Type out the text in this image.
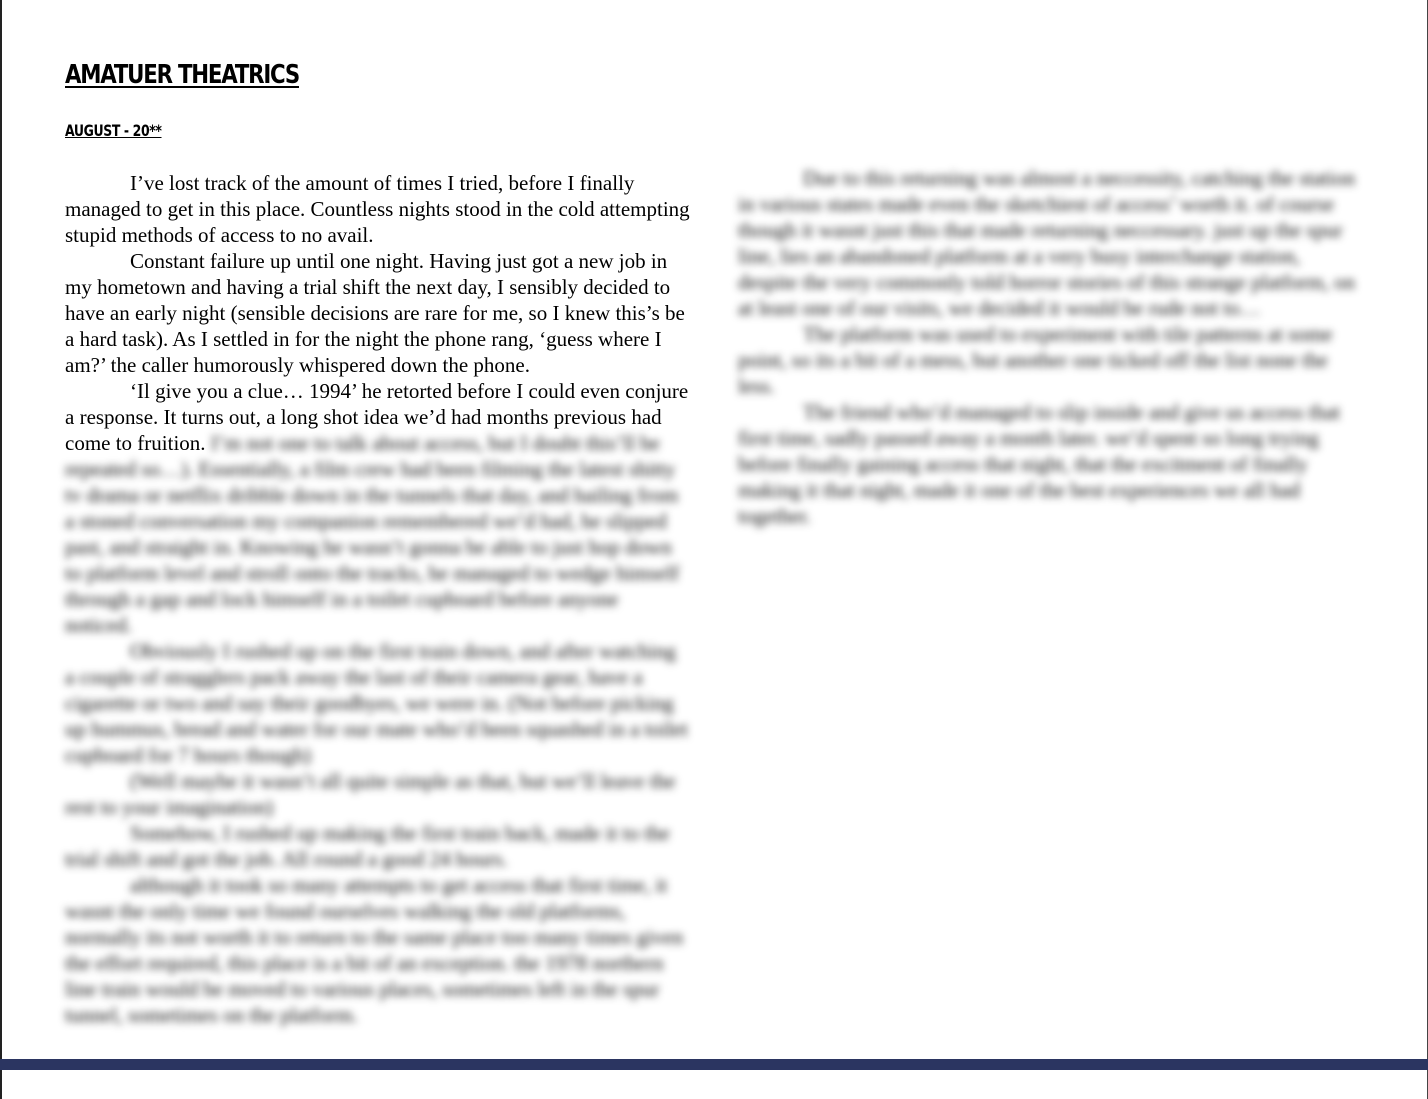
AMATUER THEATRICS
AUGUST - 20**

I’ve lost track of the amount of times I tried, before I finally managed to get in this place. Countless nights stood in the cold attempting stupid methods of access to no avail.

Constant failure up until one night. Having just got a new job in my hometown and having a trial shift the next day, I sensibly decided to have an early night (sensible decisions are rare for me, so I knew this’s be a hard task). As I settled in for the night the phone rang, ‘guess where I am?’ the caller humorously whispered down the phone.

‘Il give you a clue… 1994’ he retorted before I could even conjure a response. It turns out, a long shot idea we’d had months previous had come to fruition. I’m not one to talk about access, but I doubt this’ll be repeated so…). Essentially, a film crew had been filming the latest shitty tv drama or netflix dribble down in the tunnels that day, and hailing from a stoned conversation my companion remembered we’d had, he slipped past, and straight in. Knowing he wasn’t gonna be able to just hop down to platform level and stroll onto the tracks, he managed to wedge himself through a gap and lock himself in a toilet cupboard before anyone noticed.

Obviously I rushed up on the first train down, and after watching a couple of stragglers pack away the last of their camera gear, have a cigarette or two and say their goodbyes, we were in. (Not before picking up hummus, bread and water for our mate who’d been squashed in a toilet cupboard for 7 hours though)

(Well maybe it wasn’t all quite simple as that, but we’ll leave the rest to your imagination)

Somehow, I rushed up making the first train back, made it to the trial shift and got the job. All round a good 24 hours.

although it took so many attempts to get access that first time, it wasnt the only time we found ourselves walking the old platforms, normally its not worth it to return to the same place too many times given the effort required, this place is a bit of an exception. the 1978 northern line train would be moved to various places, sometimes left in the spur tunnel, sometimes on the platform.

Due to this returning was almost a neccessity, catching the station in various states made even the sketchiest of access’ worth it. of course though it wasnt just this that made returning neccessary. just up the spur line, lies an abandoned platform at a very busy interchange station, despite the very commonly told horror stories of this strange platform, on at least one of our visits, we decided it would be rude not to…

The platform was used to experiment with tile patterns at some point, so its a bit of a mess, but another one ticked off the list none the less.

The friend who’d managed to slip inside and give us access that first time, sadly passed away a month later. we’d spent so long trying before finally gaining access that night, that the excitment of finally making it that night, made it one of the best experiences we all had together.
